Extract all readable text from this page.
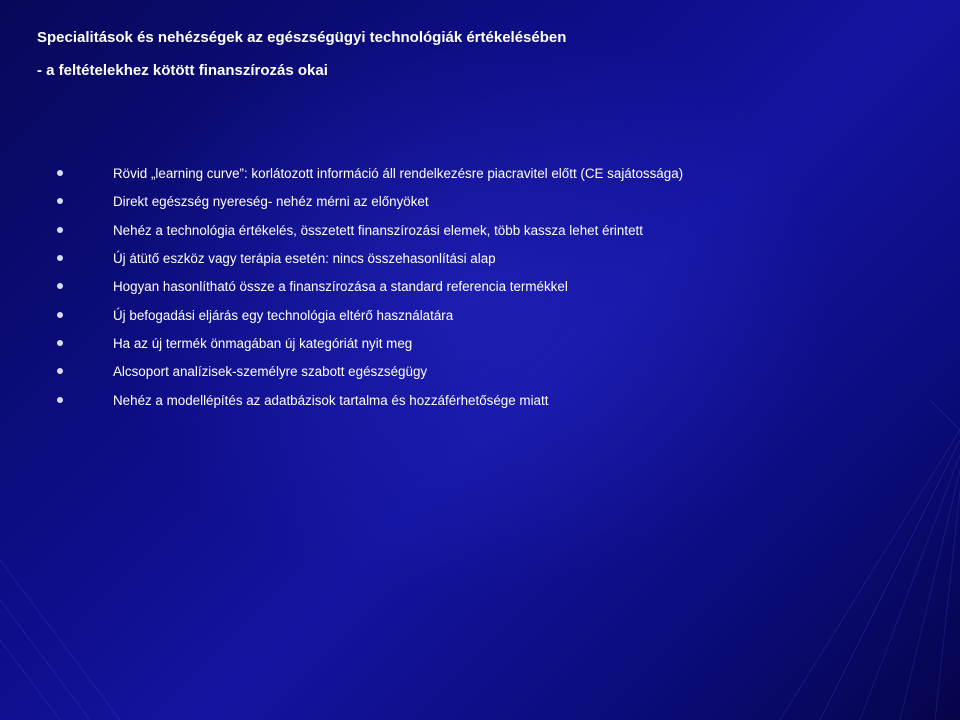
Specialitások és nehézségek az egészségügyi technológiák értékelésében
- a feltételekhez kötött finanszírozás okai
Rövid „learning curve”: korlátozott információ áll rendelkezésre piacravitel előtt (CE sajátossága)
Direkt egészség nyereség- nehéz mérni az előnyöket
Nehéz a technológia értékelés, összetett finanszírozási elemek, több kassza lehet érintett
Új átütő eszköz vagy terápia esetén: nincs összehasonlítási alap
Hogyan hasonlítható össze a finanszírozása a standard referencia termékkel
Új befogadási eljárás egy technológia eltérő használatára
Ha az új termék önmagában új kategóriát nyit meg
Alcsoport analízisek-személyre szabott egészségügy
Nehéz a modellépítés az adatbázisok tartalma és hozzáférhetősége miatt
